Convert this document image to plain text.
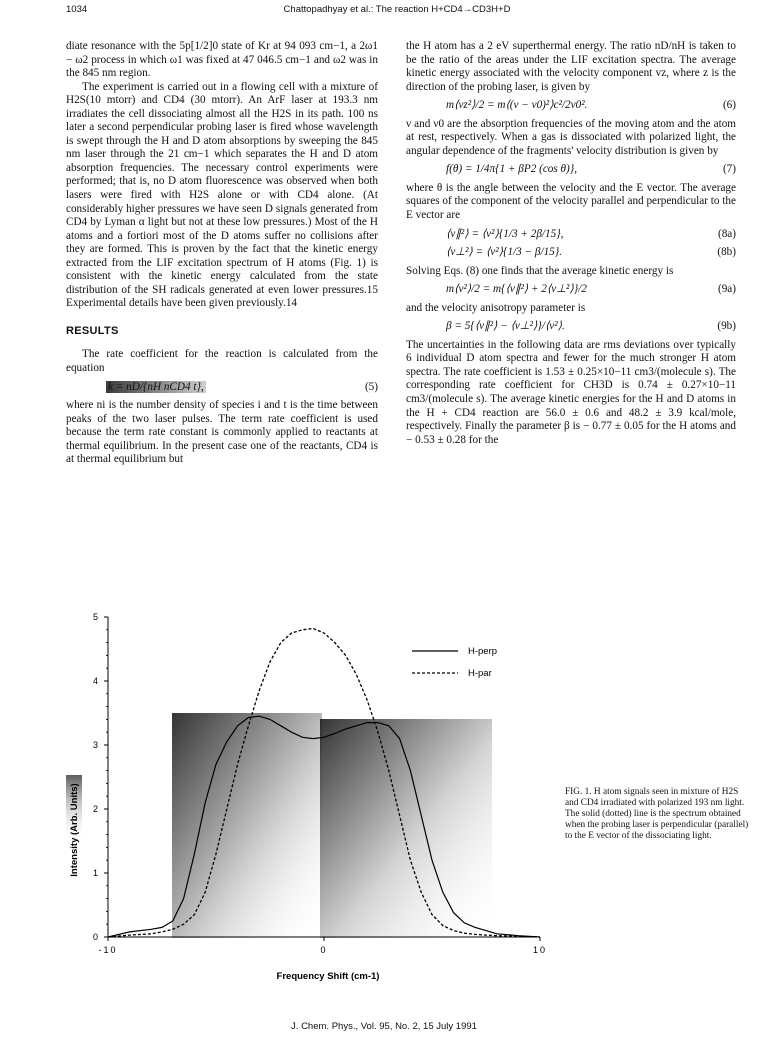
1034	Chattopadhyay et al.: The reaction H+CD4→CD3H+D

diate resonance with the 5p[1/2]0 state of Kr at 94 093 cm−1, a 2ω1 − ω2 process in which ω1 was fixed at 47 046.5 cm−1 and ω2 was in the 845 nm region.

The experiment is carried out in a flowing cell with a mixture of H2S(10 mtorr) and CD4 (30 mtorr). An ArF laser at 193.3 nm irradiates the cell dissociating almost all the H2S in its path. 100 ns later a second perpendicular probing laser is fired whose wavelength is swept through the H and D atom absorptions by sweeping the 845 nm laser through the 21 cm−1 which separates the H and D atom absorption frequencies. The necessary control experiments were performed; that is, no D atom fluorescence was observed when both lasers were fired with H2S alone or with CD4 alone. (At considerably higher pressures we have seen D signals generated from CD4 by Lyman α light but not at these low pressures.) Most of the H atoms and a fortiori most of the D atoms suffer no collisions after they are formed. This is proven by the fact that the kinetic energy extracted from the LIF excitation spectrum of H atoms (Fig. 1) is consistent with the kinetic energy calculated from the state distribution of the SH radicals generated at even lower pressures.15 Experimental details have been given previously.14

RESULTS

The rate coefficient for the reaction is calculated from the equation

k = nD/{nH nCD4 t},	(5)

where ni is the number density of species i and t is the time between peaks of the two laser pulses. The term rate coefficient is used because the term rate constant is commonly applied to reactants at thermal equilibrium. In the present case one of the reactants, CD4 is at thermal equilibrium but

the H atom has a 2 eV superthermal energy. The ratio nD/nH is taken to be the ratio of the areas under the LIF excitation spectra. The average kinetic energy associated with the velocity component vz, where z is the direction of the probing laser, is given by

m⟨vz²⟩/2 = m⟨(ν − ν0)²⟩c²/2ν0².	(6)

ν and ν0 are the absorption frequencies of the moving atom and the atom at rest, respectively. When a gas is dissociated with polarized light, the angular dependence of the fragments' velocity distribution is given by

f(θ) = 1/4π{1 + βP2 (cos θ)},	(7)

where θ is the angle between the velocity and the E vector. The average squares of the component of the velocity parallel and perpendicular to the E vector are

⟨v∥²⟩ = ⟨v²⟩{1/3 + 2β/15},	(8a)
⟨v⊥²⟩ = ⟨v²⟩{1/3 − β/15}.	(8b)

Solving Eqs. (8) one finds that the average kinetic energy is

m⟨v²⟩/2 = m{⟨v∥²⟩ + 2⟨v⊥²⟩}/2	(9a)

and the velocity anisotropy parameter is

β = 5{⟨v∥²⟩ − ⟨v⊥²⟩}/⟨v²⟩.	(9b)

The uncertainties in the following data are rms deviations over typically 6 individual D atom spectra and fewer for the much stronger H atom spectra. The rate coefficient is 1.53 ± 0.25×10−11 cm3/(molecule s). The corresponding rate coefficient for CH3D is 0.74 ± 0.27×10−11 cm3/(molecule s). The average kinetic energies for the H and D atoms in the H + CD4 reaction are 56.0 ± 0.6 and 48.2 ± 3.9 kcal/mole, respectively. Finally the parameter β is − 0.77 ± 0.05 for the H atoms and − 0.53 ± 0.28 for the

0
1
2
3
4
5
-10	0	10
H-perp
H-par
Frequency Shift (cm-1)
Intensity (Arb. Units)	FIG. 1. H atom signals seen in mixture of H2S and CD4 irradiated with polarized 193 nm light. The solid (dotted) line is the spectrum obtained when the probing laser is perpendicular (parallel) to the E vector of the dissociating light.
J. Chem. Phys., Vol. 95, No. 2, 15 July 1991
